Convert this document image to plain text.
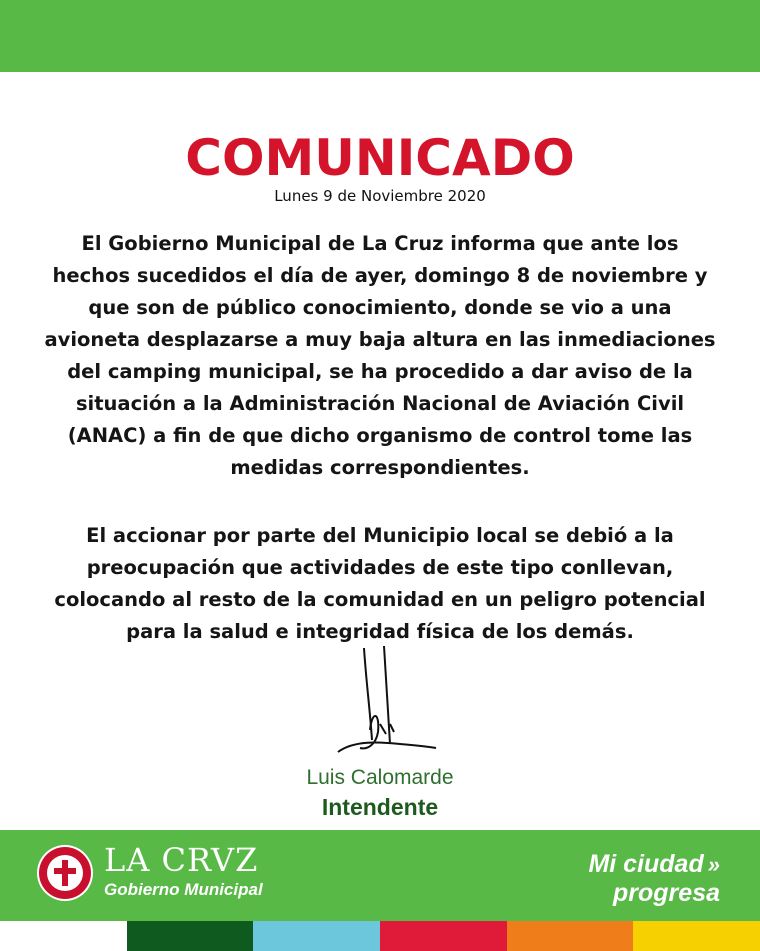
COMUNICADO
Lunes 9 de Noviembre 2020
El Gobierno Municipal de La Cruz informa que ante los hechos sucedidos el día de ayer, domingo 8 de noviembre y que son de público conocimiento, donde se vio a una avioneta desplazarse a muy baja altura en las inmediaciones del camping municipal, se ha procedido a dar aviso de la situación a la Administración Nacional de Aviación Civil (ANAC) a fin de que dicho organismo de control tome las medidas correspondientes.
El accionar por parte del Municipio local se debió a la preocupación que actividades de este tipo conllevan, colocando al resto de la comunidad en un peligro potencial para la salud e integridad física de los demás.
Luis Calomarde
Intendente
LA CRVZ
Gobierno Municipal
Mi ciudad »
progresa
